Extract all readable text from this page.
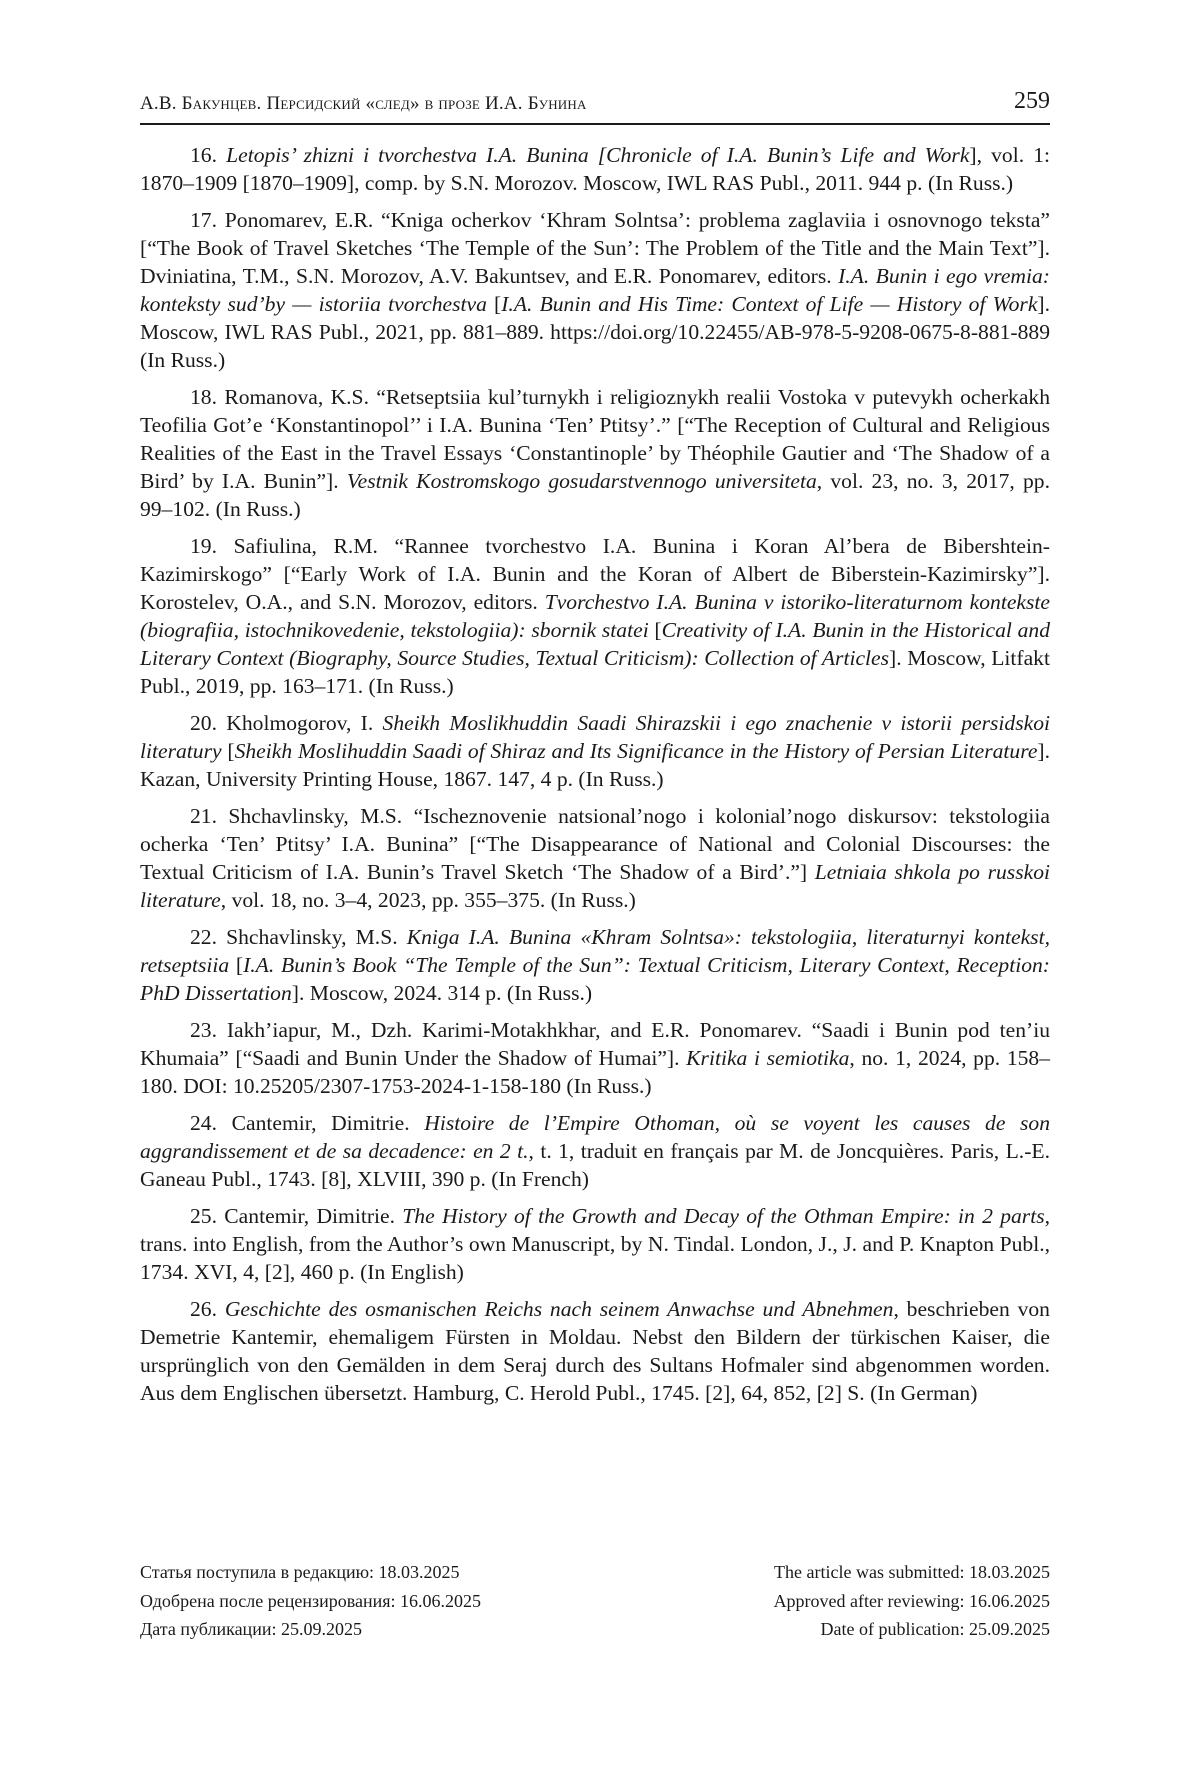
А.В. Бакунцев. Персидский «след» в прозе И.А. Бунина	259

16. Letopis’ zhizni i tvorchestva I.A. Bunina [Chronicle of I.A. Bunin’s Life and Work], vol. 1: 1870–1909 [1870–1909], comp. by S.N. Morozov. Moscow, IWL RAS Publ., 2011. 944 p. (In Russ.)

17. Ponomarev, E.R. “Kniga ocherkov ‘Khram Solntsa’: problema zaglaviia i osnovnogo teksta” [“The Book of Travel Sketches ‘The Temple of the Sun’: The Problem of the Title and the Main Text”]. Dviniatina, T.M., S.N. Morozov, A.V. Bakuntsev, and E.R. Ponomarev, editors. I.A. Bunin i ego vremia: konteksty sud’by — istoriia tvorchestva [I.A. Bunin and His Time: Context of Life — History of Work]. Moscow, IWL RAS Publ., 2021, pp. 881–889. https://doi.org/10.22455/AB-978-5-9208-0675-8-881-889 (In Russ.)

18. Romanova, K.S. “Retseptsiia kul’turnykh i religioznykh realii Vostoka v putevykh ocherkakh Teofilia Got’e ‘Konstantinopol’’ i I.A. Bunina ‘Ten’ Ptitsy’.” [“The Reception of Cultural and Religious Realities of the East in the Travel Essays ‘Constantinople’ by Théophile Gautier and ‘The Shadow of a Bird’ by I.A. Bunin”]. Vestnik Kostromskogo gosudarstvennogo universiteta, vol. 23, no. 3, 2017, pp. 99–102. (In Russ.)

19. Safiulina, R.M. “Rannee tvorchestvo I.A. Bunina i Koran Al’bera de Bibershtein-Kazimirskogo” [“Early Work of I.A. Bunin and the Koran of Albert de Biberstein-Kazimirsky”]. Korostelev, O.A., and S.N. Morozov, editors. Tvorchestvo I.A. Bunina v istoriko-literaturnom kontekste (biografiia, istochnikovedenie, tekstologiia): sbornik statei [Creativity of I.A. Bunin in the Historical and Literary Context (Biography, Source Studies, Textual Criticism): Collection of Articles]. Moscow, Litfakt Publ., 2019, pp. 163–171. (In Russ.)

20. Kholmogorov, I. Sheikh Moslikhuddin Saadi Shirazskii i ego znachenie v istorii persidskoi literatury [Sheikh Moslihuddin Saadi of Shiraz and Its Significance in the History of Persian Literature]. Kazan, University Printing House, 1867. 147, 4 p. (In Russ.)

21. Shchavlinsky, M.S. “Ischeznovenie natsional’nogo i kolonial’nogo diskursov: tekstologiia ocherka ‘Ten’ Ptitsy’ I.A. Bunina” [“The Disappearance of National and Colonial Discourses: the Textual Criticism of I.A. Bunin’s Travel Sketch ‘The Shadow of a Bird’.”] Letniaia shkola po russkoi literature, vol. 18, no. 3–4, 2023, pp. 355–375. (In Russ.)

22. Shchavlinsky, M.S. Kniga I.A. Bunina «Khram Solntsa»: tekstologiia, literaturnyi kontekst, retseptsiia [I.A. Bunin’s Book “The Temple of the Sun”: Textual Criticism, Literary Context, Reception: PhD Dissertation]. Moscow, 2024. 314 p. (In Russ.)

23. Iakh’iapur, M., Dzh. Karimi-Motakhkhar, and E.R. Ponomarev. “Saadi i Bunin pod ten’iu Khumaia” [“Saadi and Bunin Under the Shadow of Humai”]. Kritika i semiotika, no. 1, 2024, pp. 158–180. DOI: 10.25205/2307-1753-2024-1-158-180 (In Russ.)

24. Cantemir, Dimitrie. Histoire de l’Empire Othoman, où se voyent les causes de son aggrandissement et de sa decadence: en 2 t., t. 1, traduit en français par M. de Joncquières. Paris, L.-E. Ganeau Publ., 1743. [8], XLVIII, 390 p. (In French)

25. Cantemir, Dimitrie. The History of the Growth and Decay of the Othman Empire: in 2 parts, trans. into English, from the Author’s own Manuscript, by N. Tindal. London, J., J. and P. Knapton Publ., 1734. XVI, 4, [2], 460 p. (In English)

26. Geschichte des osmanischen Reichs nach seinem Anwachse und Abnehmen, beschrieben von Demetrie Kantemir, ehemaligem Fürsten in Moldau. Nebst den Bildern der türkischen Kaiser, die ursprünglich von den Gemälden in dem Seraj durch des Sultans Hofmaler sind abgenommen worden. Aus dem Englischen übersetzt. Hamburg, C. Herold Publ., 1745. [2], 64, 852, [2] S. (In German)

Статья поступила в редакцию: 18.03.2025
Одобрена после рецензирования: 16.06.2025
Дата публикации: 25.09.2025
The article was submitted: 18.03.2025
Approved after reviewing: 16.06.2025
Date of publication: 25.09.2025
